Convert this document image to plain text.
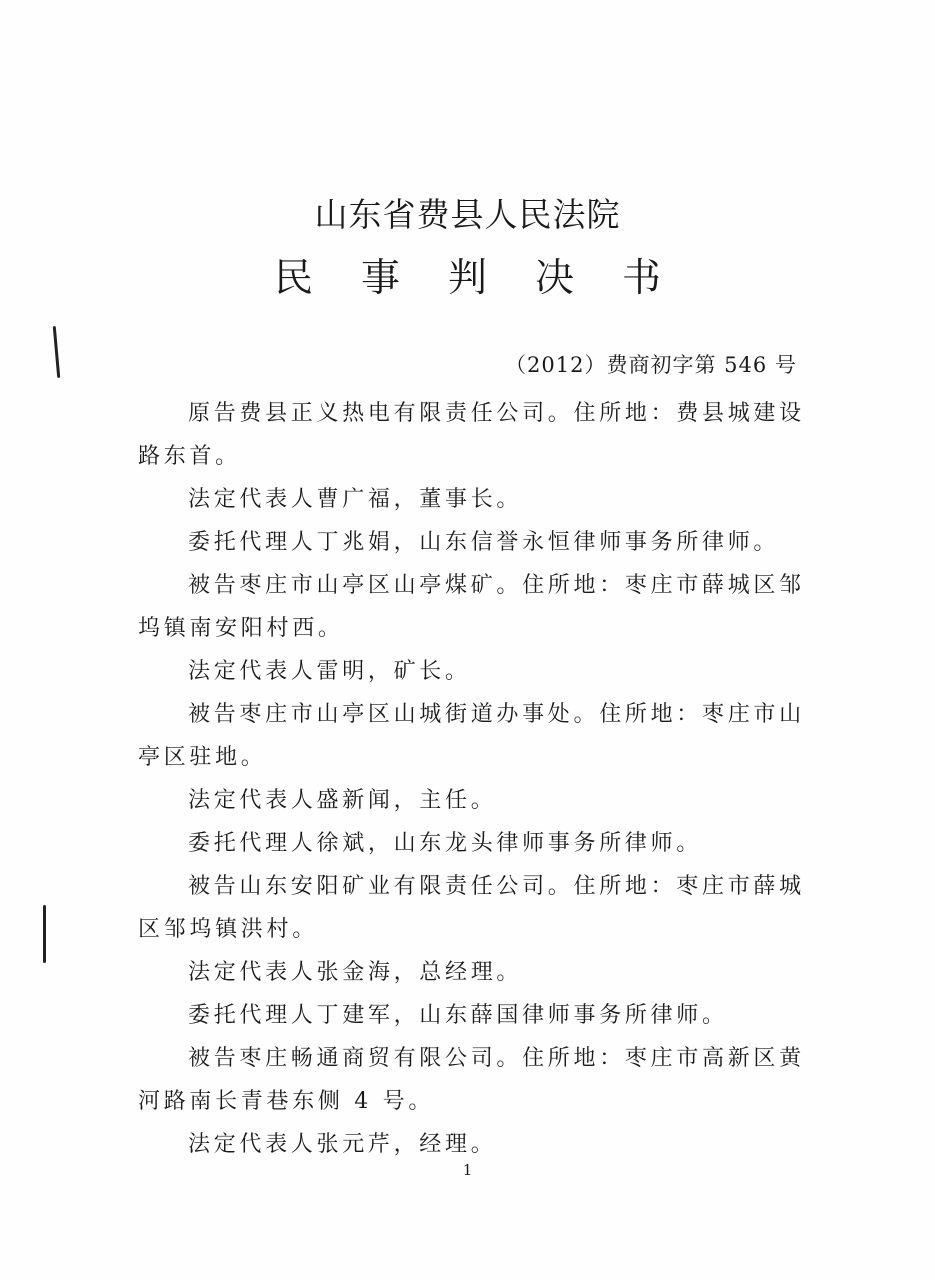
山东省费县人民法院
民事判决书
（2012）费商初字第 546 号

原告费县正义热电有限责任公司。住所地：费县城建设路东首。

法定代表人曹广福，董事长。

委托代理人丁兆娟，山东信誉永恒律师事务所律师。

被告枣庄市山亭区山亭煤矿。住所地：枣庄市薛城区邹坞镇南安阳村西。

法定代表人雷明，矿长。

被告枣庄市山亭区山城街道办事处。住所地：枣庄市山亭区驻地。

法定代表人盛新闻，主任。

委托代理人徐斌，山东龙头律师事务所律师。

被告山东安阳矿业有限责任公司。住所地：枣庄市薛城区邹坞镇洪村。

法定代表人张金海，总经理。

委托代理人丁建军，山东薛国律师事务所律师。

被告枣庄畅通商贸有限公司。住所地：枣庄市高新区黄河路南长青巷东侧 4 号。

法定代表人张元芹，经理。

1
